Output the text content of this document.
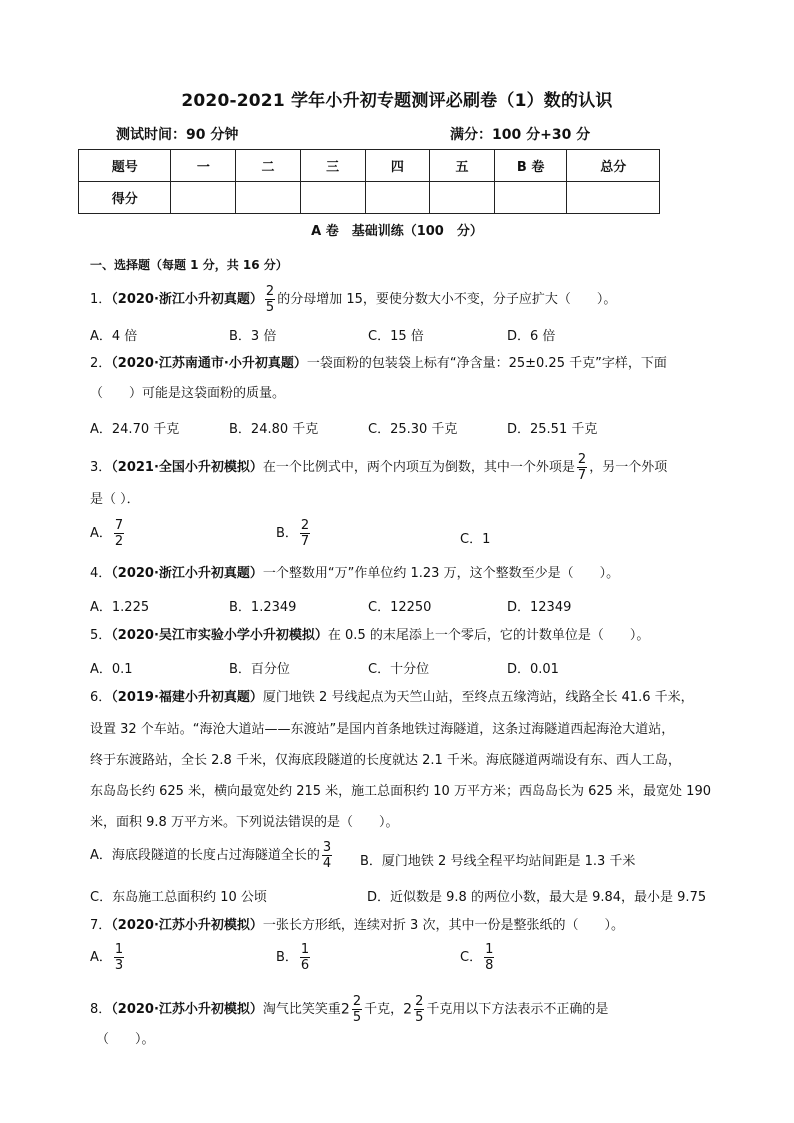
2020-2021 学年小升初专题测评必刷卷（1）数的认识
测试时间：90 分钟	满分：100 分+30 分
题号	一	二	三	四	五	B 卷	总分
得分							
A 卷　基础训练（100　分）
一、选择题（每题 1 分，共 16 分）
1．（2020·浙江小升初真题） $\frac{2}{5}$ 的分母增加 15，要使分数大小不变，分子应扩大（　　）。
A．4 倍	B．3 倍	C．15 倍	D．6 倍
2．（2020·江苏南通市·小升初真题）一袋面粉的包装袋上标有“净含量：25±0.25 千克”字样，下面
（　　）可能是这袋面粉的质量。
A．24.70 千克	B．24.80 千克	C．25.30 千克	D．25.51 千克
3．（2021·全国小升初模拟）在一个比例式中，两个内项互为倒数，其中一个外项是 $\frac{2}{7}$ ，另一个外项
是（ ）．
A． $\frac{7}{2}$	B． $\frac{2}{7}$	C．1
4．（2020·浙江小升初真题）一个整数用“万”作单位约 1.23 万，这个整数至少是（　　）。
A．1.225	B．1.2349	C．12250	D．12349
5．（2020·吴江市实验小学小升初模拟）在 0.5 的末尾添上一个零后，它的计数单位是（　　）。
A．0.1	B．百分位	C．十分位	D．0.01
6．（2019·福建小升初真题）厦门地铁 2 号线起点为天竺山站，至终点五缘湾站，线路全长 41.6 千米，
设置 32 个车站。“海沧大道站——东渡站”是国内首条地铁过海隧道，这条过海隧道西起海沧大道站，
终于东渡路站，全长 2.8 千米，仅海底段隧道的长度就达 2.1 千米。海底隧道两端设有东、西人工岛，
东岛岛长约 625 米，横向最宽处约 215 米，施工总面积约 10 万平方米；西岛岛长为 625 米，最宽处 190
米，面积 9.8 万平方米。下列说法错误的是（　　）。
A．海底段隧道的长度占过海隧道全长的 $\frac{3}{4}$ B．厦门地铁 2 号线全程平均站间距是 1.3 千米
C．东岛施工总面积约 10 公顷	D．近似数是 9.8 的两位小数，最大是 9.84，最小是 9.75
7．（2020·江苏小升初模拟）一张长方形纸，连续对折 3 次，其中一份是整张纸的（　　）。
A． $\frac{1}{3}$	B． $\frac{1}{6}$	C． $\frac{1}{8}$
8．（2020·江苏小升初模拟）淘气比笑笑重$2 \frac{2}{5}$ 千克，$2 \frac{2}{5}$ 千克用以下方法表示不正确的是
（　　）。
